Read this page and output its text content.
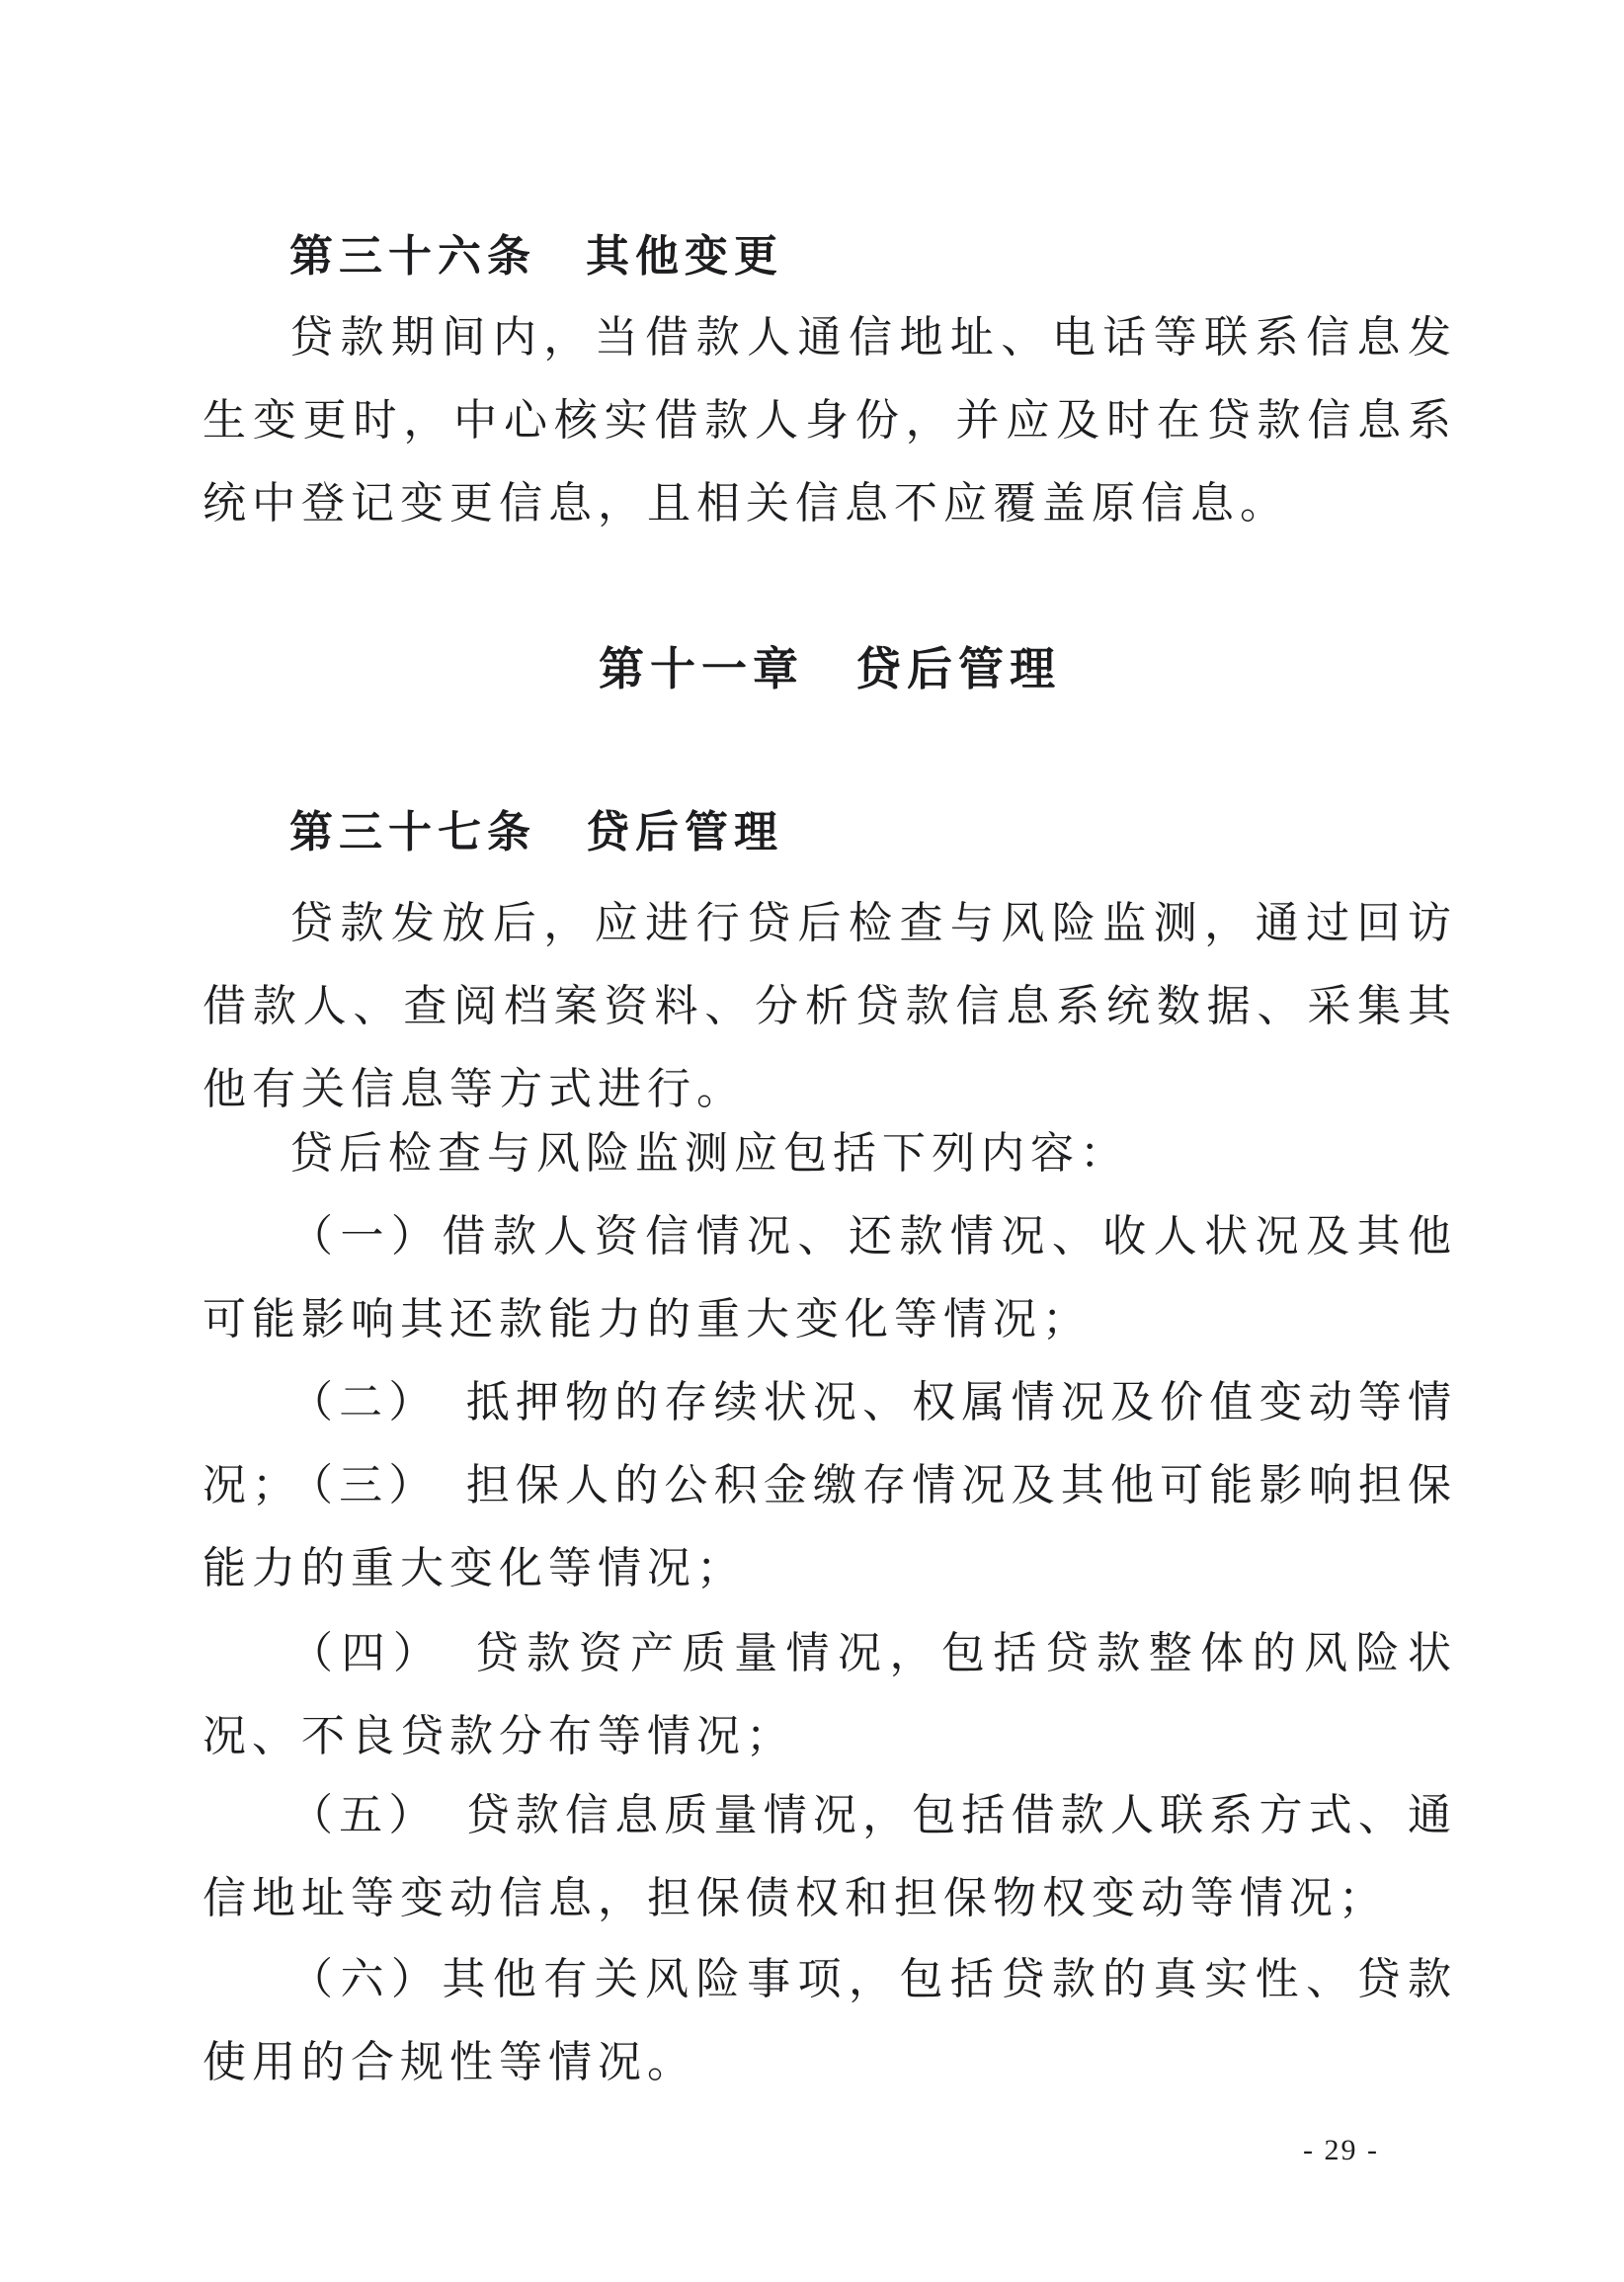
第三十六条　其他变更

贷款期间内，当借款人通信地址、电话等联系信息发生变更时，中心核实借款人身份，并应及时在贷款信息系统中登记变更信息，且相关信息不应覆盖原信息。

第十一章　贷后管理
第三十七条　贷后管理

贷款发放后，应进行贷后检查与风险监测，通过回访借款人、查阅档案资料、分析贷款信息系统数据、采集其他有关信息等方式进行。

贷后检查与风险监测应包括下列内容：

（一）借款人资信情况、还款情况、收人状况及其他可能影响其还款能力的重大变化等情况；

（二）　抵押物的存续状况、权属情况及价值变动等情况；

（三）　担保人的公积金缴存情况及其他可能影响担保能力的重大变化等情况；

（四）　贷款资产质量情况，包括贷款整体的风险状况、不良贷款分布等情况；

（五）　贷款信息质量情况，包括借款人联系方式、通信地址等变动信息，担保债权和担保物权变动等情况；

（六）其他有关风险事项，包括贷款的真实性、贷款使用的合规性等情况。

- 29 -
